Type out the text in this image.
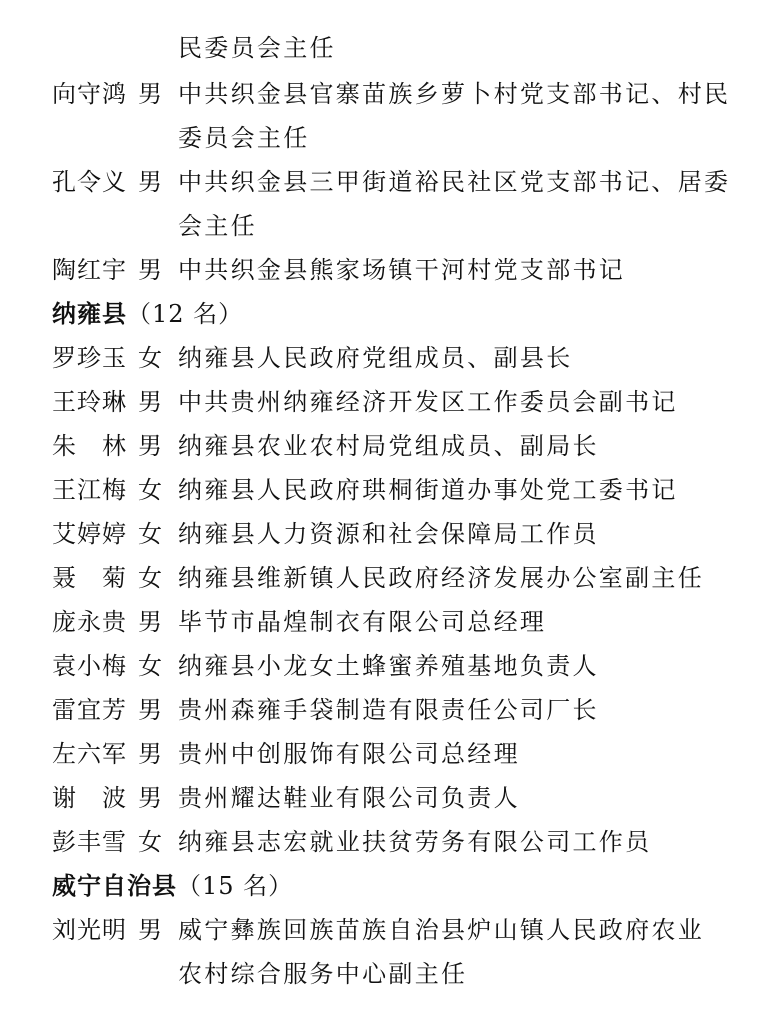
民委员会主任
向守鸿 男 中共织金县官寨苗族乡萝卜村党支部书记、村民
委员会主任
孔令义 男 中共织金县三甲街道裕民社区党支部书记、居委
会主任
陶红宇 男 中共织金县熊家场镇干河村党支部书记
纳雍县（12 名）
罗珍玉 女 纳雍县人民政府党组成员、副县长
王玲琳 男 中共贵州纳雍经济开发区工作委员会副书记
朱　林 男 纳雍县农业农村局党组成员、副局长
王江梅 女 纳雍县人民政府珙桐街道办事处党工委书记
艾婷婷 女 纳雍县人力资源和社会保障局工作员
聂　菊 女 纳雍县维新镇人民政府经济发展办公室副主任
庞永贵 男 毕节市晶煌制衣有限公司总经理
袁小梅 女 纳雍县小龙女土蜂蜜养殖基地负责人
雷宜芳 男 贵州森雍手袋制造有限责任公司厂长
左六军 男 贵州中创服饰有限公司总经理
谢　波 男 贵州耀达鞋业有限公司负责人
彭丰雪 女 纳雍县志宏就业扶贫劳务有限公司工作员
威宁自治县（15 名）
刘光明 男 威宁彝族回族苗族自治县炉山镇人民政府农业
农村综合服务中心副主任
